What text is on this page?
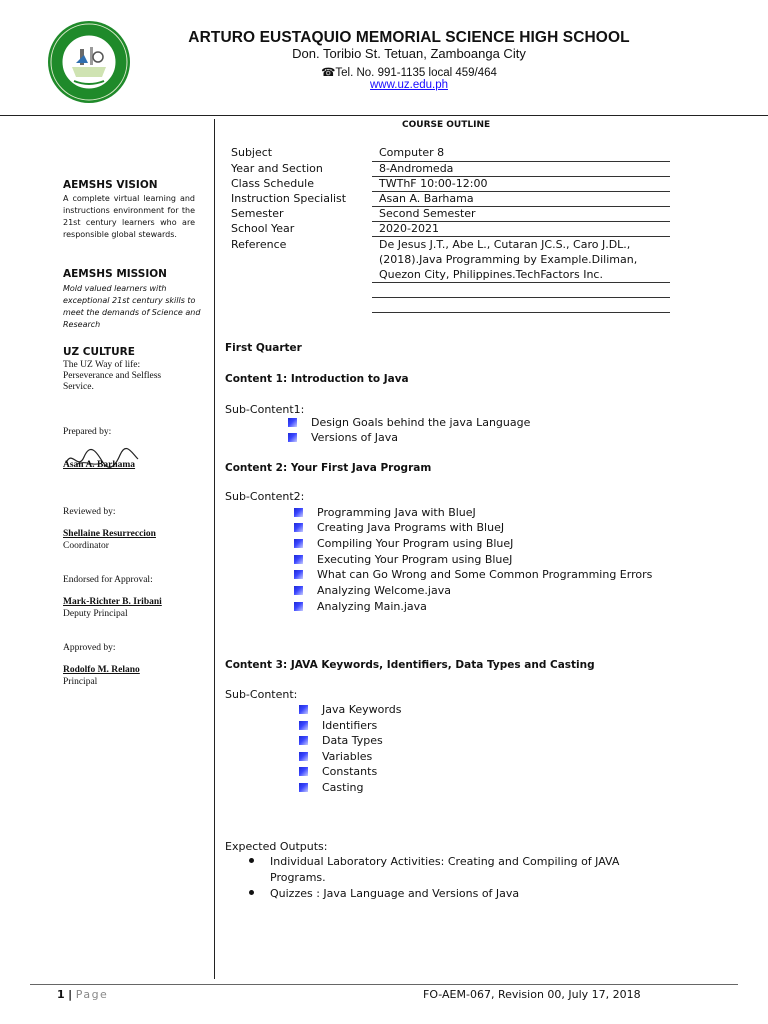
ARTURO EUSTAQUIO MEMORIAL SCIENCE HIGH SCHOOL
Don. Toribio St. Tetuan, Zamboanga City
☎Tel. No. 991-1135 local 459/464
www.uz.edu.ph
COURSE OUTLINE
Subject	Computer 8
Year and Section	8-Andromeda
Class Schedule	TWThF 10:00-12:00
Instruction Specialist	Asan A. Barhama
Semester	Second Semester
School Year	2020-2021
Reference	De Jesus J.T., Abe L., Cutaran JC.S., Caro J.DL.,
(2018).Java Programming by Example.Diliman,
Quezon City, Philippines.TechFactors Inc.
AEMSHS VISION
A complete virtual learning and instructions environment for the 21st century learners who are responsible global stewards.
AEMSHS MISSION
Mold valued learners with exceptional 21st century skills to meet the demands of Science and Research
UZ CULTURE
The UZ Way of life:
Perseverance and Selfless
Service.
Prepared by:
Asan A. Barhama
Reviewed by:
Shellaine Resurreccion
Coordinator
Endorsed for Approval:
Mark-Richter B. Iribani
Deputy Principal
Approved by:
Rodolfo M. Relano
Principal
First Quarter
Content 1: Introduction to Java
Sub-Content1:
Design Goals behind the java Language
Versions of Java
Content 2: Your First Java Program
Sub-Content2:
Programming Java with BlueJ
Creating Java Programs with BlueJ
Compiling Your Program using BlueJ
Executing Your Program using BlueJ
What can Go Wrong and Some Common Programming Errors
Analyzing Welcome.java
Analyzing Main.java
Content 3: JAVA Keywords, Identifiers, Data Types and Casting
Sub-Content:
Java Keywords
Identifiers
Data Types
Variables
Constants
Casting
Expected Outputs:
Individual Laboratory Activities: Creating and Compiling of JAVA
Programs.
Quizzes : Java Language and Versions of Java
1 | Page	FO-AEM-067, Revision 00, July 17, 2018
